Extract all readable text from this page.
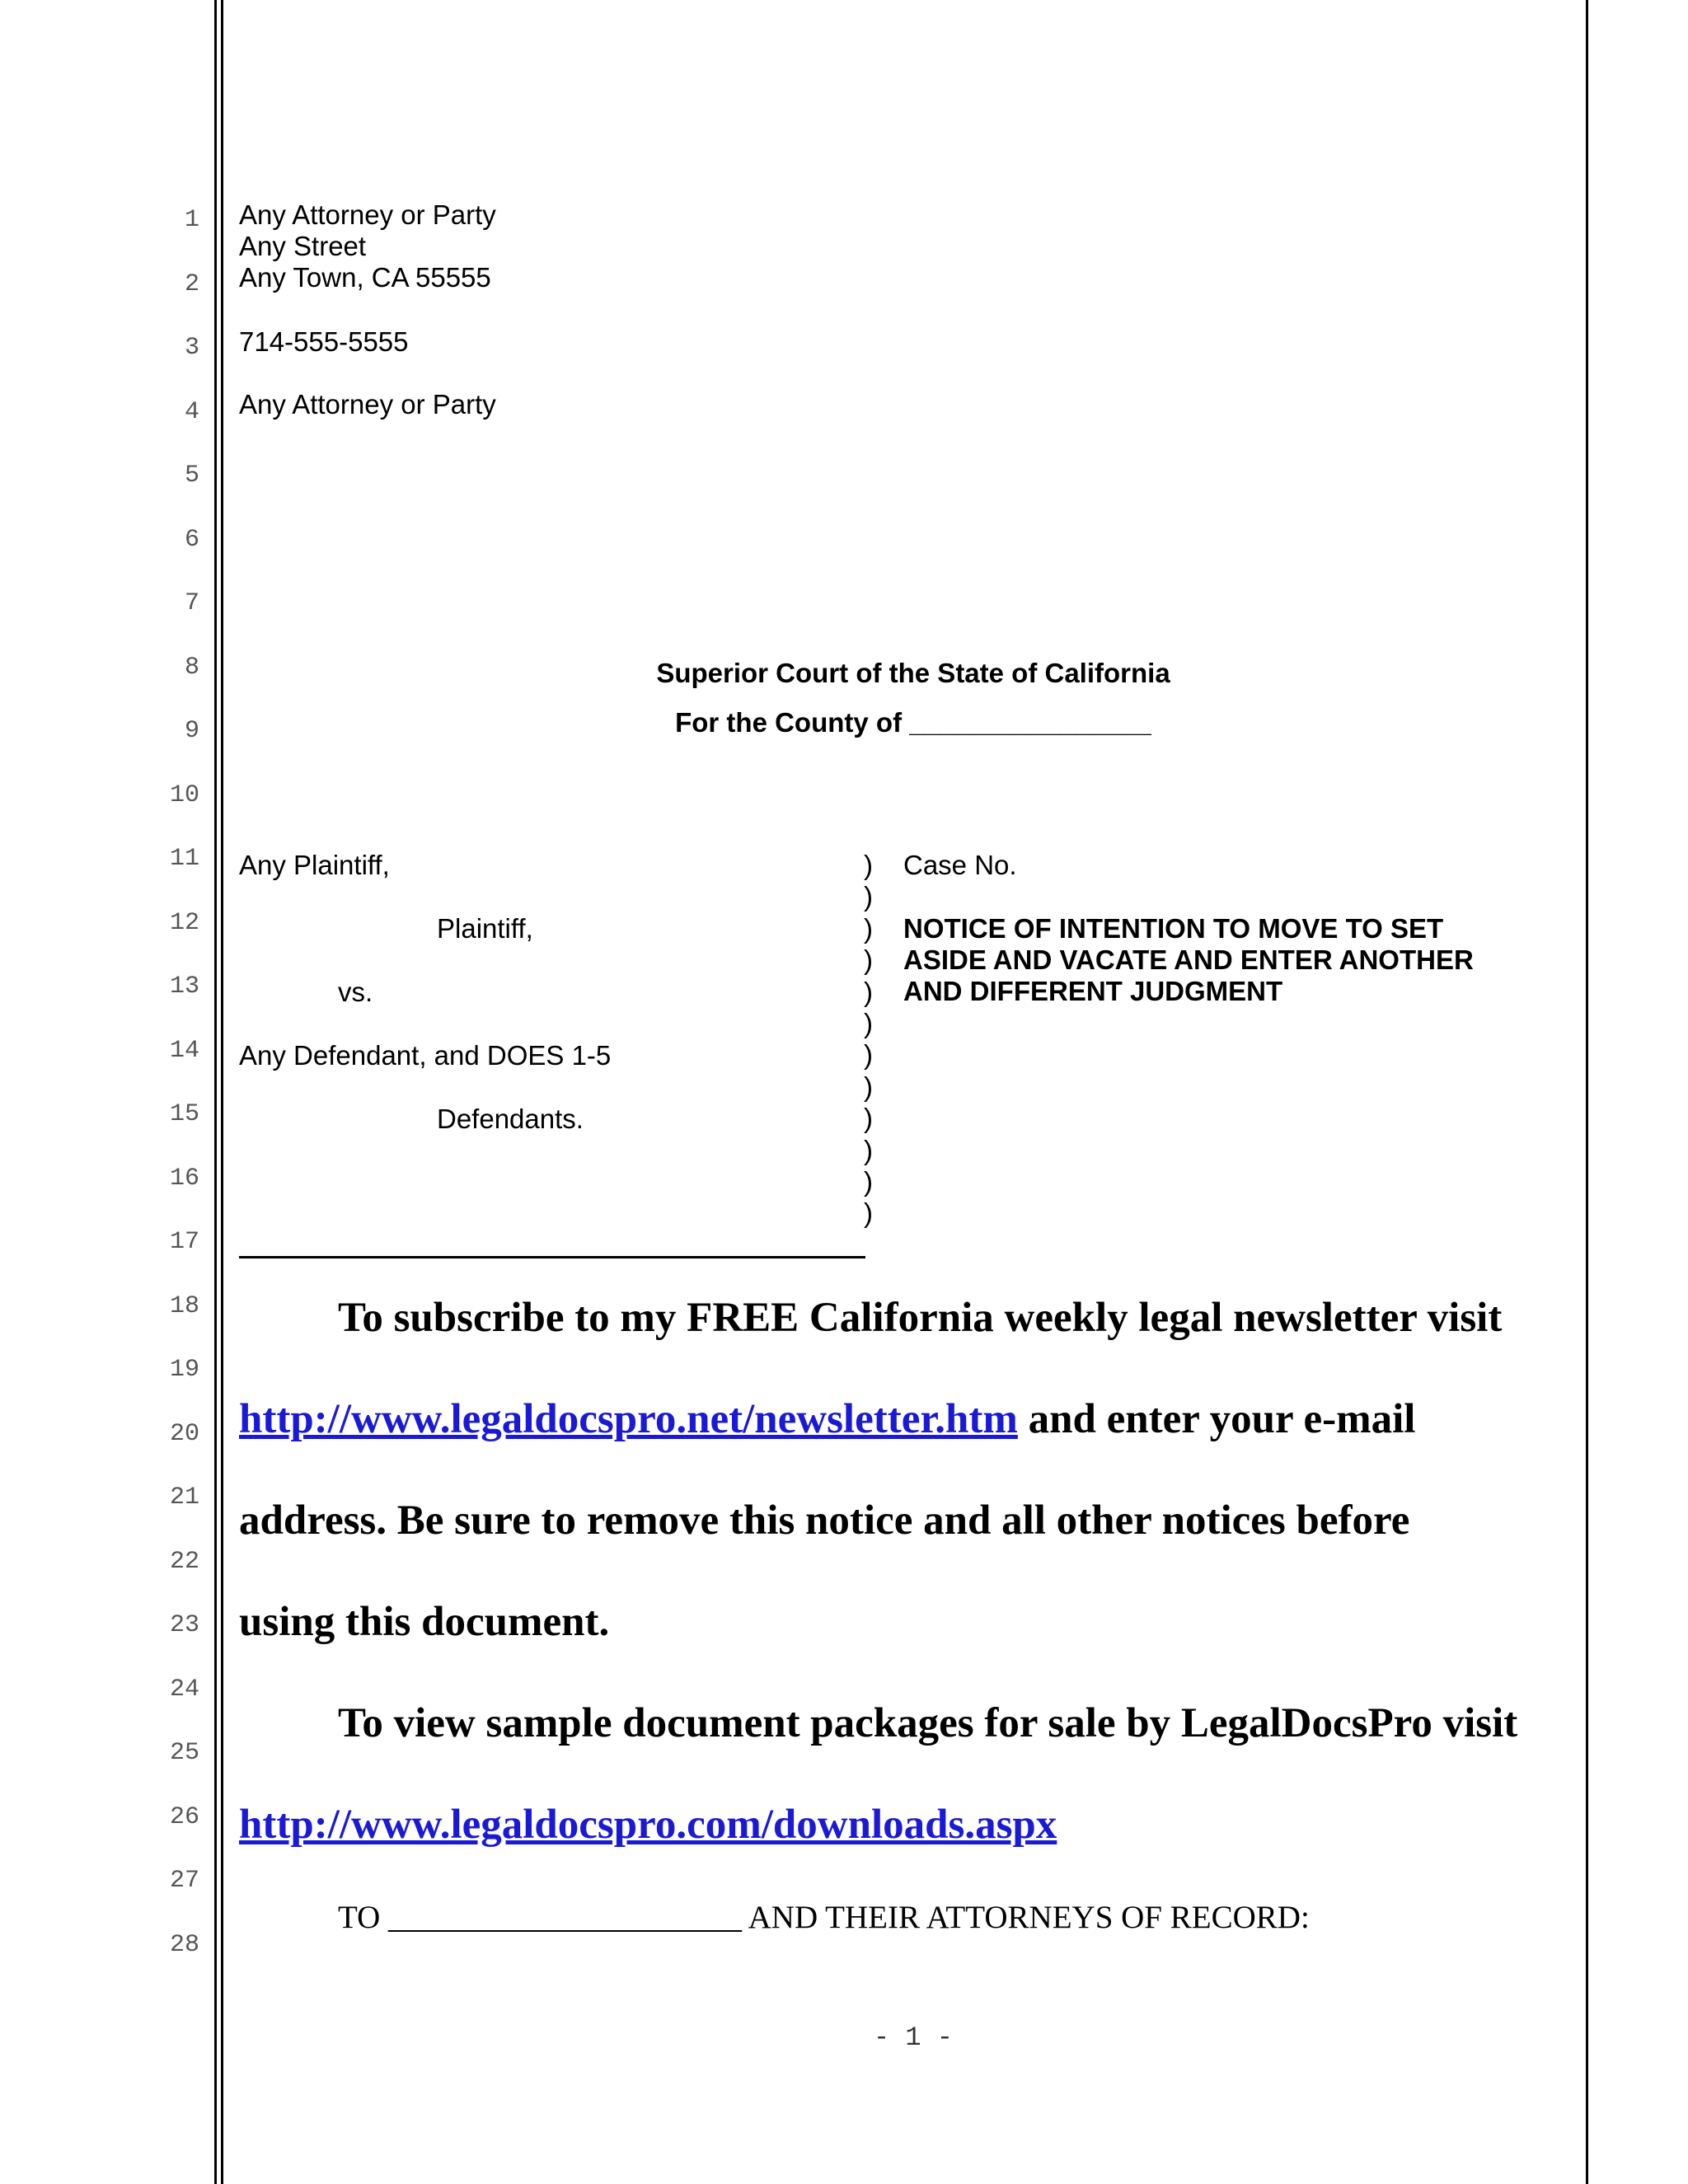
1
2
3
4
5
6
7
8
9
10
11
12
13
14
15
16
17
18
19
20
21
22
23
24
25
26
27
28
Any Attorney or Party
Any Street
Any Town, CA 55555
714-555-5555
Any Attorney or Party
Superior Court of the State of California
For the County of ________________
Any Plaintiff,
Plaintiff,
vs.
Any Defendant, and DOES 1-5
Defendants.
)
)
)
)
)
)
)
)
)
)
)
)
Case No.
NOTICE OF INTENTION TO MOVE TO SET
ASIDE AND VACATE AND ENTER ANOTHER
AND DIFFERENT JUDGMENT
To subscribe to my FREE California weekly legal newsletter visit
http://www.legaldocspro.net/newsletter.htm and enter your e-mail
address. Be sure to remove this notice and all other notices before
using this document.
To view sample document packages for sale by LegalDocsPro visit
http://www.legaldocspro.com/downloads.aspx
TO ______________________ AND THEIR ATTORNEYS OF RECORD:
- 1 -
